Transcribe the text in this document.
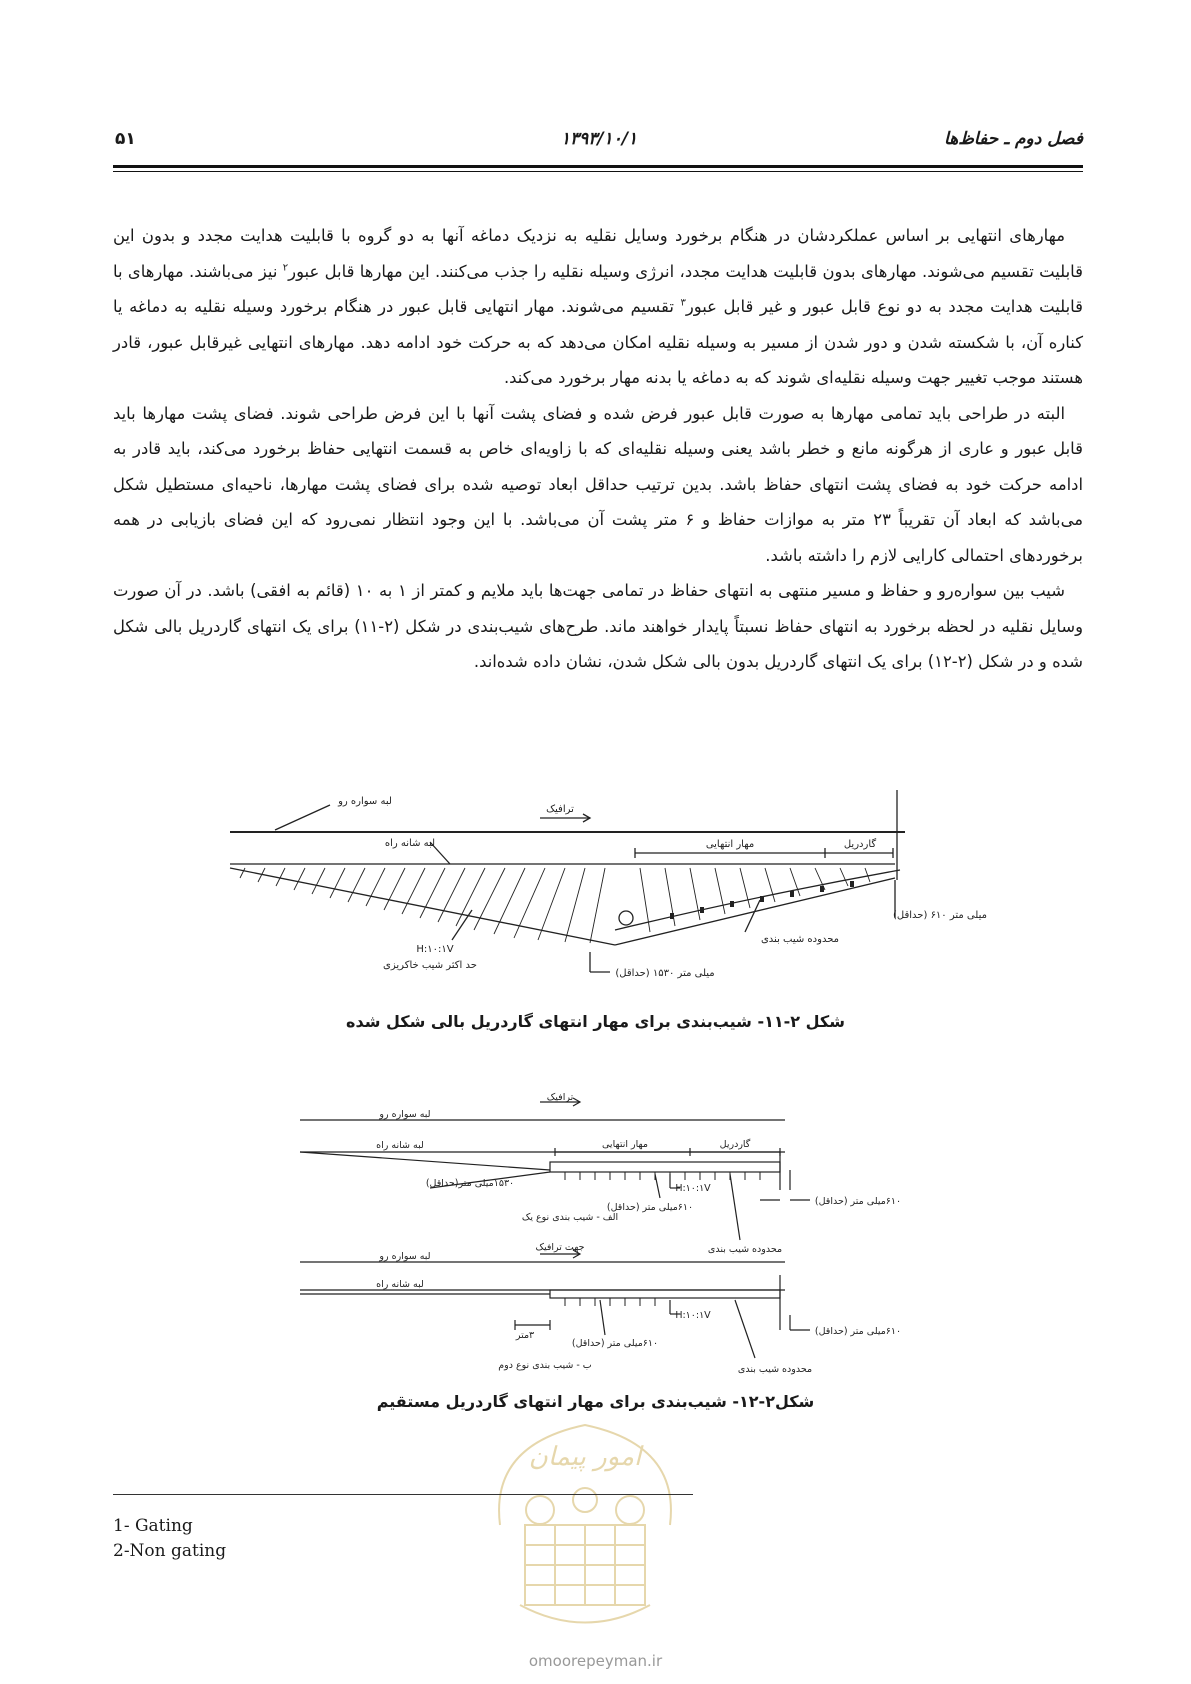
فصل دوم ـ حفاظ‌ها
۱۳۹۳/۱۰/۱
۵۱

مهارهای انتهایی بر اساس عملکردشان در هنگام برخورد وسایل نقلیه به نزدیک دماغه آنها به دو گروه با قابلیت هدایت مجدد و بدون این قابلیت تقسیم می‌شوند. مهارهای بدون قابلیت هدایت مجدد، انرژی وسیله نقلیه را جذب می‌کنند. این مهارها قابل عبور$^۲$ نیز می‌باشند. مهارهای با قابلیت هدایت مجدد به دو نوع قابل عبور و غیر قابل عبور$^۳$ تقسیم می‌شوند. مهار انتهایی قابل عبور در هنگام برخورد وسیله نقلیه به دماغه یا کناره آن، با شکسته شدن و دور شدن از مسیر به وسیله نقلیه امکان می‌دهد که به حرکت خود ادامه دهد. مهارهای انتهایی غیرقابل عبور، قادر هستند موجب تغییر جهت وسیله نقلیه‌ای شوند که به دماغه یا بدنه مهار برخورد می‌کند.

البته در طراحی باید تمامی مهارها به صورت قابل عبور فرض شده و فضای پشت آنها با این فرض طراحی شوند. فضای پشت مهارها باید قابل عبور و عاری از هرگونه مانع و خطر باشد یعنی وسیله نقلیه‌ای که با زاویه‌ای خاص به قسمت انتهایی حفاظ برخورد می‌کند، باید قادر به ادامه حرکت خود به فضای پشت انتهای حفاظ باشد. بدین ترتیب حداقل ابعاد توصیه شده برای فضای پشت مهارها، ناحیه‌ای مستطیل شکل می‌باشد که ابعاد آن تقریباً ۲۳ متر به موازات حفاظ و ۶ متر پشت آن می‌باشد. با این وجود انتظار نمی‌رود که این فضای بازیابی در همه برخوردهای احتمالی کارایی لازم را داشته باشد.

شیب بین سواره‌رو و حفاظ و مسیر منتهی به انتهای حفاظ در تمامی جهت‌ها باید ملایم و کمتر از ۱ به ۱۰ (قائم به افقی) باشد. در آن صورت وسایل نقلیه در لحظه برخورد به انتهای حفاظ نسبتاً پایدار خواهند ماند. طرح‌های شیب‌بندی در شکل (۲-۱۱) برای یک انتهای گاردریل بالی شکل شده و در شکل (۲-۱۲) برای یک انتهای گاردریل بدون بالی شکل شدن، نشان داده شده‌اند.

لبه سواره رو
ترافیک
لبه شانه راه	مهار انتهایی	گاردریل
H:۱۰:۱V
حد اکثر شیب خاکریزی
محدوده شیب بندی
میلی متر ۶۱۰ (حداقل)
میلی متر ۱۵۳۰ (حداقل)
شکل ۲-۱۱- شیب‌بندی برای مهار انتهای گاردریل بالی شکل شده
لبه سواره رو
ترافیک
لبه شانه راه	مهار انتهایی	گاردریل
۱۵۳۰میلی متر(حداقل)	H:۱۰:۱V
۶۱۰میلی متر (حداقل)
۶۱۰میلی متر (حداقل)
محدوده شیب بندی
الف - شیب بندی نوع یک
لبه سواره رو
جهت ترافیک
لبه شانه راه
H:۱۰:۱V
۳متر
۶۱۰میلی متر (حداقل)
۶۱۰میلی متر (حداقل)
محدوده شیب بندی
ب - شیب بندی نوع دوم
شکل۲-۱۲- شیب‌بندی برای مهار انتهای گاردریل مستقیم
امور پیمان
1- Gating
2-Non gating
omoorepeyman.ir
